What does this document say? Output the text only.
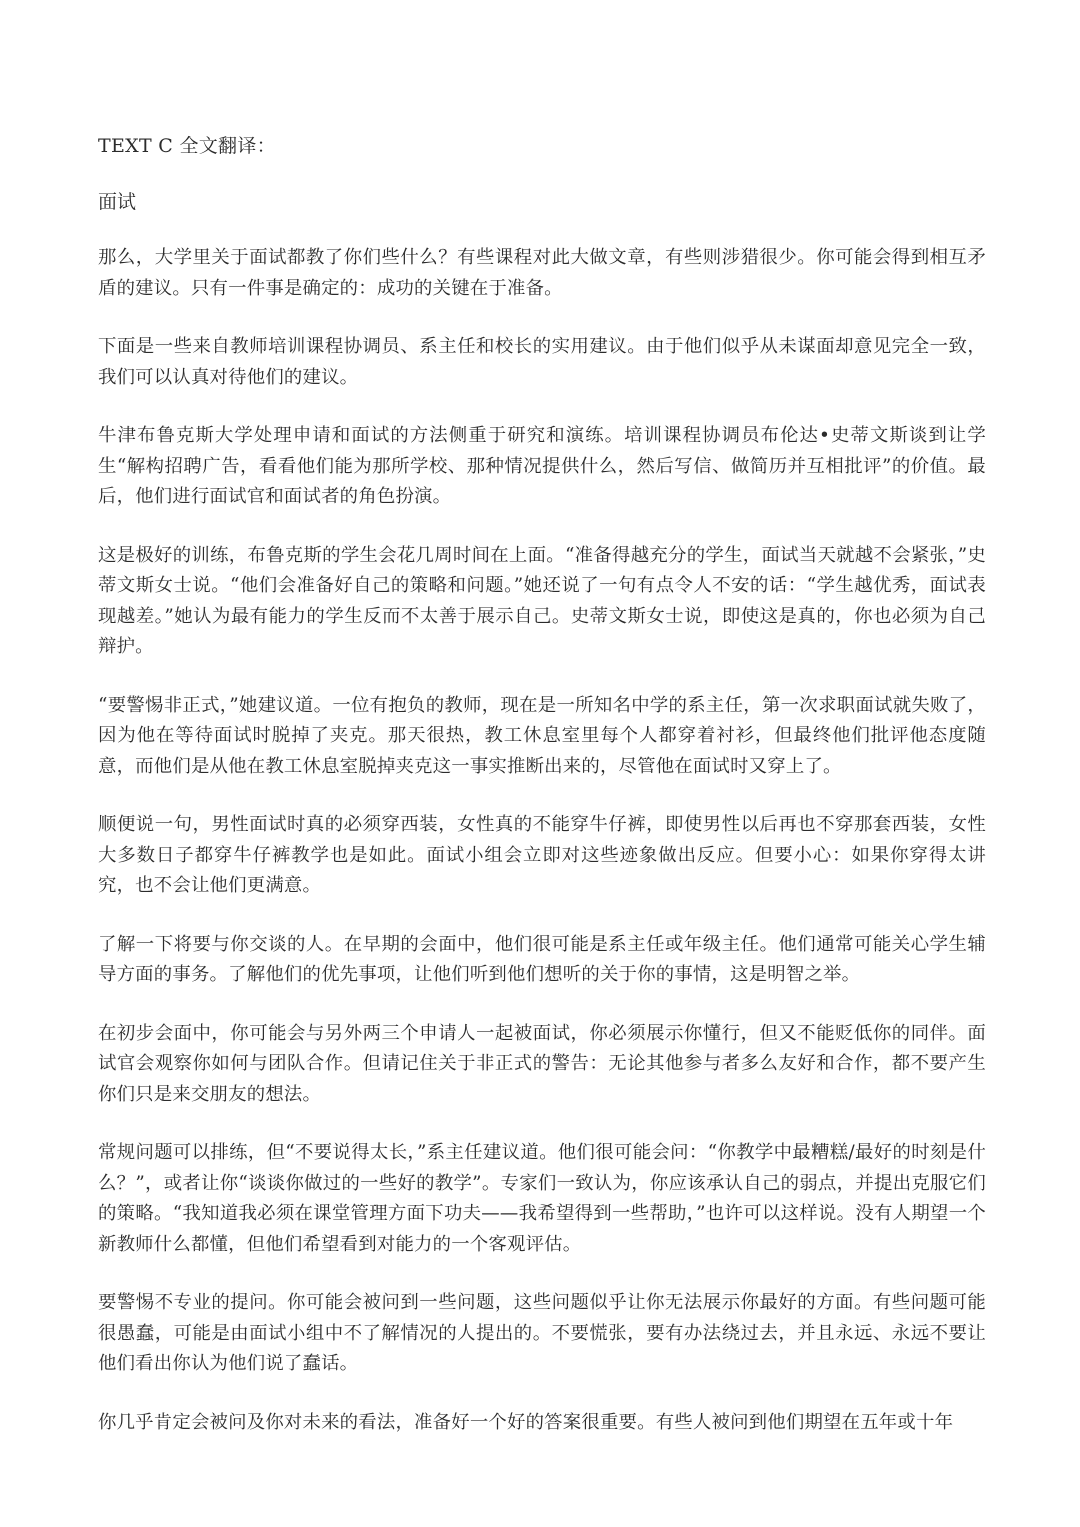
TEXT C 全文翻译：
面试

那么，大学里关于面试都教了你们些什么？有些课程对此大做文章，有些则涉猎很少。你可能会得到相互矛盾的建议。只有一件事是确定的：成功的关键在于准备。

下面是一些来自教师培训课程协调员、系主任和校长的实用建议。由于他们似乎从未谋面却意见完全一致，我们可以认真对待他们的建议。

牛津布鲁克斯大学处理申请和面试的方法侧重于研究和演练。培训课程协调员布伦达•史蒂文斯谈到让学生“解构招聘广告，看看他们能为那所学校、那种情况提供什么，然后写信、做简历并互相批评”的价值。最后，他们进行面试官和面试者的角色扮演。

这是极好的训练，布鲁克斯的学生会花几周时间在上面。“准备得越充分的学生，面试当天就越不会紧张，”史蒂文斯女士说。“他们会准备好自己的策略和问题。”她还说了一句有点令人不安的话：“学生越优秀，面试表现越差。”她认为最有能力的学生反而不太善于展示自己。史蒂文斯女士说，即使这是真的，你也必须为自己辩护。

“要警惕非正式，”她建议道。一位有抱负的教师，现在是一所知名中学的系主任，第一次求职面试就失败了，因为他在等待面试时脱掉了夹克。那天很热，教工休息室里每个人都穿着衬衫，但最终他们批评他态度随意，而他们是从他在教工休息室脱掉夹克这一事实推断出来的，尽管他在面试时又穿上了。

顺便说一句，男性面试时真的必须穿西装，女性真的不能穿牛仔裤，即使男性以后再也不穿那套西装，女性大多数日子都穿牛仔裤教学也是如此。面试小组会立即对这些迹象做出反应。但要小心：如果你穿得太讲究，也不会让他们更满意。

了解一下将要与你交谈的人。在早期的会面中，他们很可能是系主任或年级主任。他们通常可能关心学生辅导方面的事务。了解他们的优先事项，让他们听到他们想听的关于你的事情，这是明智之举。

在初步会面中，你可能会与另外两三个申请人一起被面试，你必须展示你懂行，但又不能贬低你的同伴。面试官会观察你如何与团队合作。但请记住关于非正式的警告：无论其他参与者多么友好和合作，都不要产生你们只是来交朋友的想法。

常规问题可以排练，但“不要说得太长，”系主任建议道。他们很可能会问：“你教学中最糟糕/最好的时刻是什么？”，或者让你“谈谈你做过的一些好的教学”。专家们一致认为，你应该承认自己的弱点，并提出克服它们的策略。“我知道我必须在课堂管理方面下功夫——我希望得到一些帮助，”也许可以这样说。没有人期望一个新教师什么都懂，但他们希望看到对能力的一个客观评估。

要警惕不专业的提问。你可能会被问到一些问题，这些问题似乎让你无法展示你最好的方面。有些问题可能很愚蠢，可能是由面试小组中不了解情况的人提出的。不要慌张，要有办法绕过去，并且永远、永远不要让他们看出你认为他们说了蠢话。

你几乎肯定会被问及你对未来的看法，准备好一个好的答案很重要。有些人被问到他们期望在五年或十年
